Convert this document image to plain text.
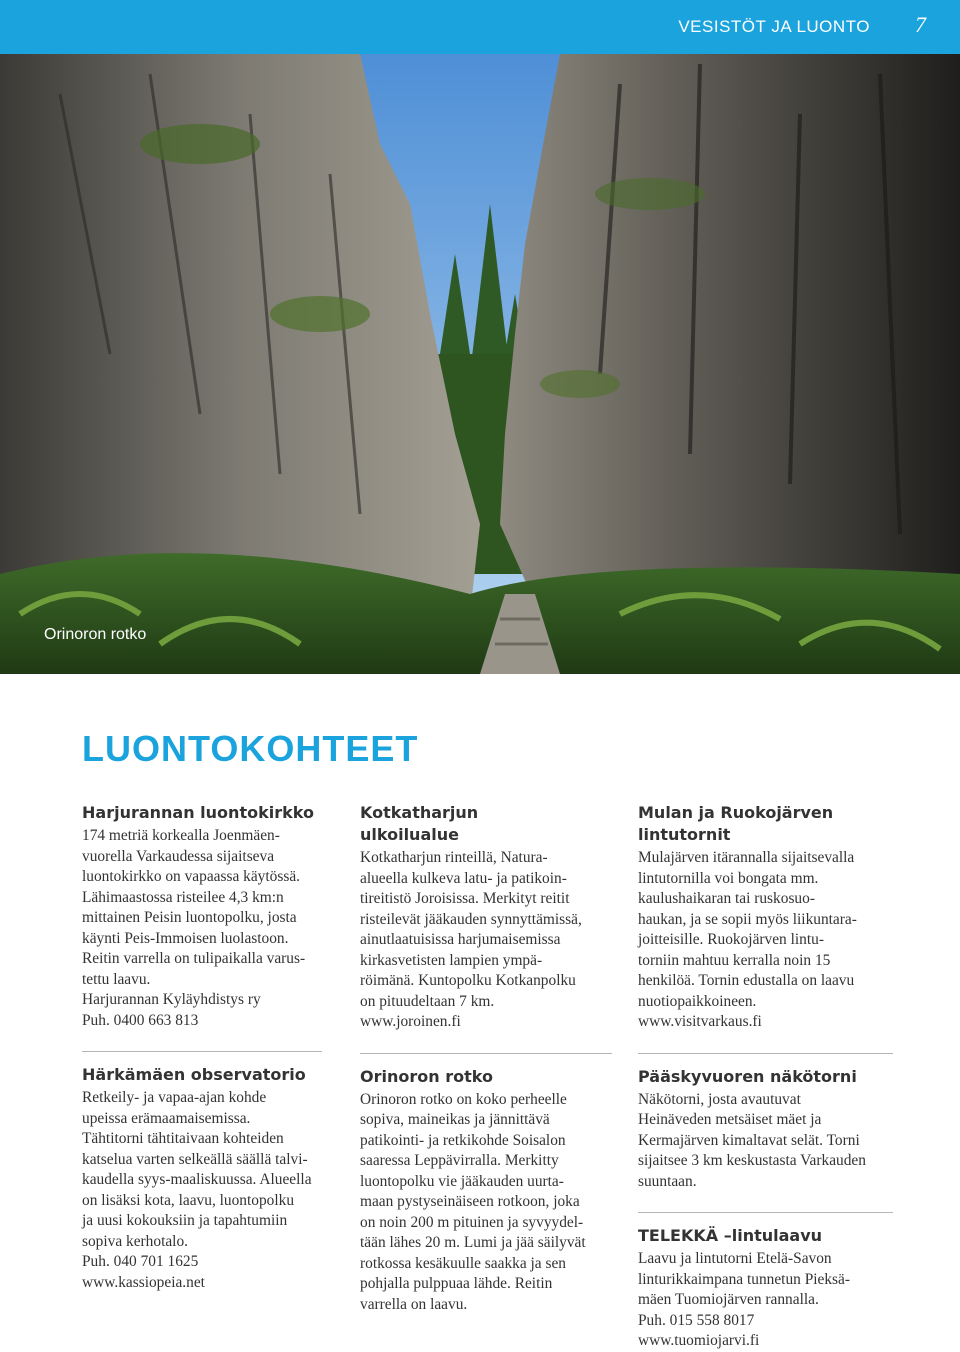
VESISTÖT JA LUONTO 7
Orinoron rotko
LUONTOKOHTEET
Harjurannan luontokirkko

174 metriä korkealla Joenmäen-

vuorella Varkaudessa sijaitseva

luontokirkko on vapaassa käytössä.

Lähimaastossa risteilee 4,3 km:n

mittainen Peisin luontopolku, josta

käynti Peis-Immoisen luolastoon.

Reitin varrella on tulipaikalla varus-

tettu laavu.

Harjurannan Kyläyhdistys ry

Puh. 0400 663 813

Härkämäen observatorio

Retkeily- ja vapaa-ajan kohde

upeissa erämaamaisemissa.

Tähtitorni tähtitaivaan kohteiden

katselua varten selkeällä säällä talvi-

kaudella syys-maaliskuussa. Alueella

on lisäksi kota, laavu, luontopolku

ja uusi kokouksiin ja tapahtumiin

sopiva kerhotalo.

Puh. 040 701 1625

www.kassiopeia.net

Kotkatharjun ulkoilualue

Kotkatharjun rinteillä, Natura-

alueella kulkeva latu- ja patikoin-

tireitistö Joroisissa. Merkityt reitit

risteilevät jääkauden synnyttämissä,

ainutlaatuisissa harjumaisemissa

kirkasvetisten lampien ympä-

röimänä. Kuntopolku Kotkanpolku

on pituudeltaan 7 km.

www.joroinen.fi

Orinoron rotko

Orinoron rotko on koko perheelle

sopiva, maineikas ja jännittävä

patikointi- ja retkikohde Soisalon

saaressa Leppävirralla. Merkitty

luontopolku vie jääkauden uurta-

maan pystyseinäiseen rotkoon, joka

on noin 200 m pituinen ja syvyydel-

tään lähes 20 m. Lumi ja jää säilyvät

rotkossa kesäkuulle saakka ja sen

pohjalla pulppuaa lähde. Reitin

varrella on laavu.

Mulan ja Ruokojärven lintutornit

Mulajärven itärannalla sijaitsevalla

lintutornilla voi bongata mm.

kaulushaikaran tai ruskosuo-

haukan, ja se sopii myös liikuntara-

joitteisille. Ruokojärven lintu-

torniin mahtuu kerralla noin 15

henkilöä. Tornin edustalla on laavu

nuotiopaikkoineen.

www.visitvarkaus.fi

Pääskyvuoren näkötorni

Näkötorni, josta avautuvat

Heinäveden metsäiset mäet ja

Kermajärven kimaltavat selät. Torni

sijaitsee 3 km keskustasta Varkauden

suuntaan.

TELEKKÄ –lintulaavu

Laavu ja lintutorni Etelä-Savon

linturikkaimpana tunnetun Pieksä-

mäen Tuomiojärven rannalla.

Puh. 015 558 8017

www.tuomiojarvi.fi
